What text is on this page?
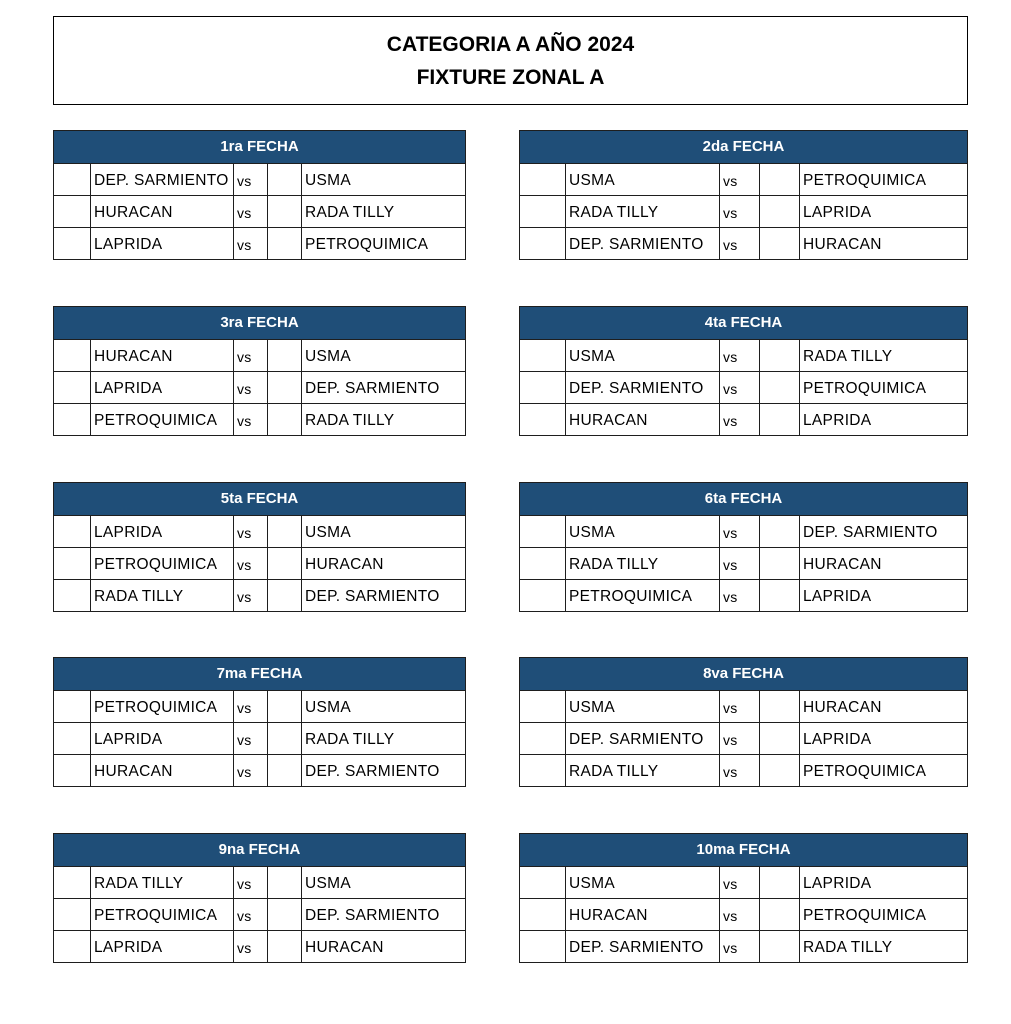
CATEGORIA A AÑO 2024
FIXTURE ZONAL A
1ra FECHA
DEP. SARMIENTO vs	USMA
HURACAN	vs	RADA TILLY
LAPRIDA	vs	PETROQUIMICA
2da FECHA
USMA	vs	PETROQUIMICA
RADA TILLY	vs	LAPRIDA
DEP. SARMIENTO	vs	HURACAN
3ra FECHA
HURACAN	vs	USMA
LAPRIDA	vs	DEP. SARMIENTO
PETROQUIMICA	vs	RADA TILLY
4ta FECHA
USMA	vs	RADA TILLY
DEP. SARMIENTO	vs	PETROQUIMICA
HURACAN	vs	LAPRIDA
5ta FECHA
LAPRIDA	vs	USMA
PETROQUIMICA	vs	HURACAN
RADA TILLY	vs	DEP. SARMIENTO
6ta FECHA
USMA	vs	DEP. SARMIENTO
RADA TILLY	vs	HURACAN
PETROQUIMICA	vs	LAPRIDA
7ma FECHA
PETROQUIMICA	vs	USMA
LAPRIDA	vs	RADA TILLY
HURACAN	vs	DEP. SARMIENTO
8va FECHA
USMA	vs	HURACAN
DEP. SARMIENTO	vs	LAPRIDA
RADA TILLY	vs	PETROQUIMICA
9na FECHA
RADA TILLY	vs	USMA
PETROQUIMICA	vs	DEP. SARMIENTO
LAPRIDA	vs	HURACAN
10ma FECHA
USMA	vs	LAPRIDA
HURACAN	vs	PETROQUIMICA
DEP. SARMIENTO	vs	RADA TILLY
